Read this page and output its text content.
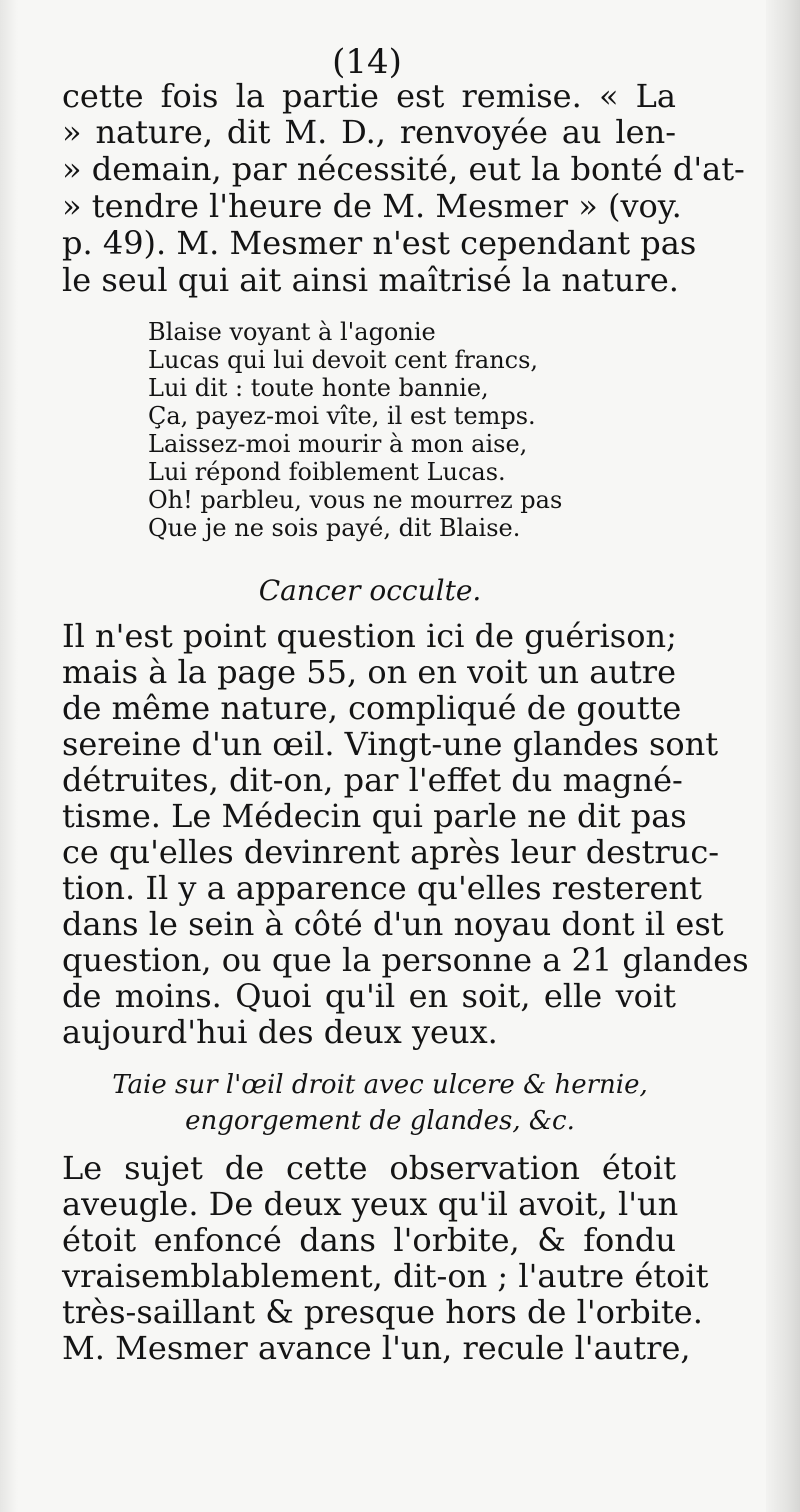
(14)
cette fois la partie est remise. « La
» nature, dit M. D., renvoyée au len-
» demain, par nécessité, eut la bonté d'at-
» tendre l'heure de M. Mesmer » (voy.
p. 49). M. Mesmer n'est cependant pas
le seul qui ait ainsi maîtrisé la nature.
Blaise voyant à l'agonie
Lucas qui lui devoit cent francs,
Lui dit : toute honte bannie,
Ça, payez-moi vîte, il est temps.
Laissez-moi mourir à mon aise,
Lui répond foiblement Lucas.
Oh! parbleu, vous ne mourrez pas
Que je ne sois payé, dit Blaise.
Cancer occulte.
Il n'est point question ici de guérison;
mais à la page 55, on en voit un autre
de même nature, compliqué de goutte
sereine d'un œil. Vingt-une glandes sont
détruites, dit-on, par l'effet du magné-
tisme. Le Médecin qui parle ne dit pas
ce qu'elles devinrent après leur destruc-
tion. Il y a apparence qu'elles resterent
dans le sein à côté d'un noyau dont il est
question, ou que la personne a 21 glandes
de moins. Quoi qu'il en soit, elle voit
aujourd'hui des deux yeux.
Taie sur l'œil droit avec ulcere & hernie,
engorgement de glandes, &c.
Le sujet de cette observation étoit
aveugle. De deux yeux qu'il avoit, l'un
étoit enfoncé dans l'orbite, & fondu
vraisemblablement, dit-on ; l'autre étoit
très-saillant & presque hors de l'orbite.
M. Mesmer avance l'un, recule l'autre,
